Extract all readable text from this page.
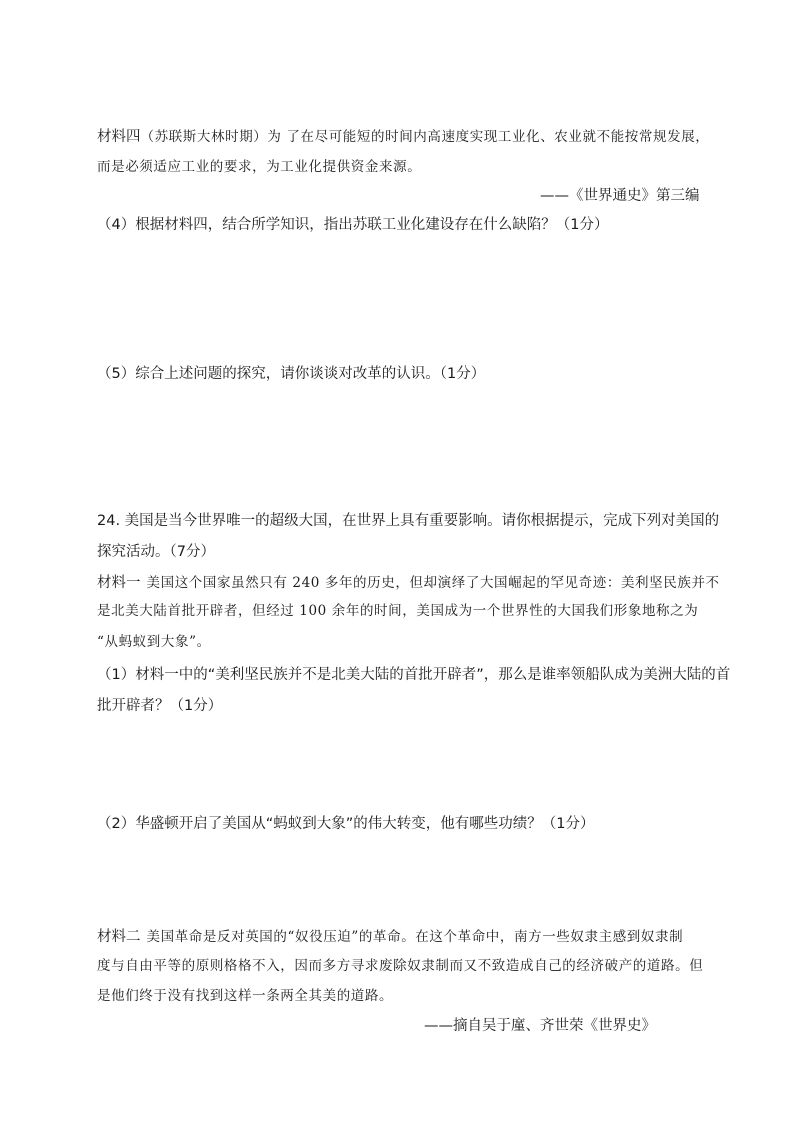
材料四（苏联斯大林时期）为 了在尽可能短的时间内高速度实现工业化、农业就不能按常规发展，
而是必须适应工业的要求，为工业化提供资金来源。
——《世界通史》第三编
（4）根据材料四，结合所学知识，指出苏联工业化建设存在什么缺陷？（1分）
（5）综合上述问题的探究，请你谈谈对改革的认识。（1分）
24. 美国是当今世界唯一的超级大国，在世界上具有重要影响。请你根据提示，完成下列对美国的
探究活动。（7分）
材料一 美国这个国家虽然只有 240 多年的历史，但却演绎了大国崛起的罕见奇迹：美利坚民族并不
是北美大陆首批开辟者，但经过 100 余年的时间，美国成为一个世界性的大国我们形象地称之为
“从蚂蚁到大象”。
（1）材料一中的“美利坚民族并不是北美大陆的首批开辟者”，那么是谁率领船队成为美洲大陆的首
批开辟者？（1分）
（2）华盛顿开启了美国从“蚂蚁到大象”的伟大转变，他有哪些功绩？（1分）
材料二 美国革命是反对英国的“奴役压迫”的革命。在这个革命中，南方一些奴隶主感到奴隶制
度与自由平等的原则格格不入，因而多方寻求废除奴隶制而又不致造成自己的经济破产的道路。但
是他们终于没有找到这样一条两全其美的道路。
——摘自吴于廑、齐世荣《世界史》
